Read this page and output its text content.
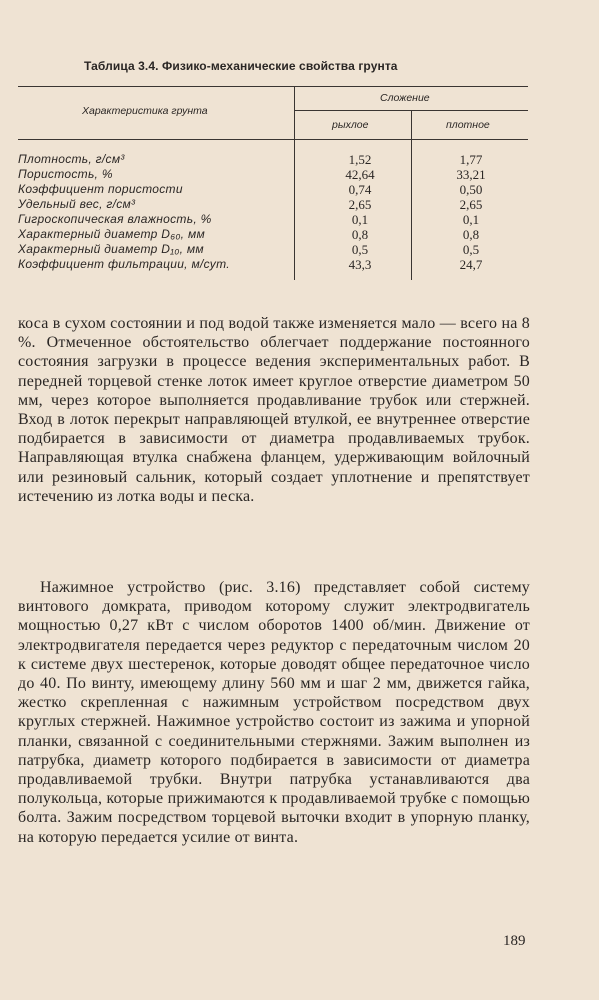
Таблица 3.4. Физико-механические свойства грунта
Характеристика грунта
Сложение
рыхлое	плотное
Плотность, г/см³	1,52	1,77
Пористость, %	42,64	33,21
Коэффициент пористости	0,74	0,50
Удельный вес, г/см³	2,65	2,65
Гигроскопическая влажность, %	0,1	0,1
Характерный диаметр D₆₀, мм	0,8	0,8
Характерный диаметр D₁₀, мм	0,5	0,5
Коэффициент фильтрации, м/сут.	43,3	24,7

коса в сухом состоянии и под водой также изменяется мало — всего на 8 %. Отмеченное обстоятельство облегчает поддержание постоянного состояния загрузки в процессе ведения экспериментальных работ. В передней торцевой стенке лоток имеет круглое отверстие диаметром 50 мм, через которое выполняется продавливание трубок или стержней. Вход в лоток перекрыт направляющей втулкой, ее внутреннее отверстие подбирается в зависимости от диаметра продавливаемых трубок. Направляющая втулка снабжена фланцем, удерживающим войлочный или резиновый сальник, который создает уплотнение и препятствует истечению из лотка воды и песка.

Нажимное устройство (рис. 3.16) представляет собой систему винтового домкрата, приводом которому служит электродвигатель мощностью 0,27 кВт с числом оборотов 1400 об/мин. Движение от электродвигателя передается через редуктор с передаточным числом 20 к системе двух шестеренок, которые доводят общее передаточное число до 40. По винту, имеющему длину 560 мм и шаг 2 мм, движется гайка, жестко скрепленная с нажимным устройством посредством двух круглых стержней. Нажимное устройство состоит из зажима и упорной планки, связанной с соединительными стержнями. Зажим выполнен из патрубка, диаметр которого подбирается в зависимости от диаметра продавливаемой трубки. Внутри патрубка устанавливаются два полукольца, которые прижимаются к продавливаемой трубке с помощью болта. Зажим посредством торцевой выточки входит в упорную планку, на которую передается усилие от винта.

189
